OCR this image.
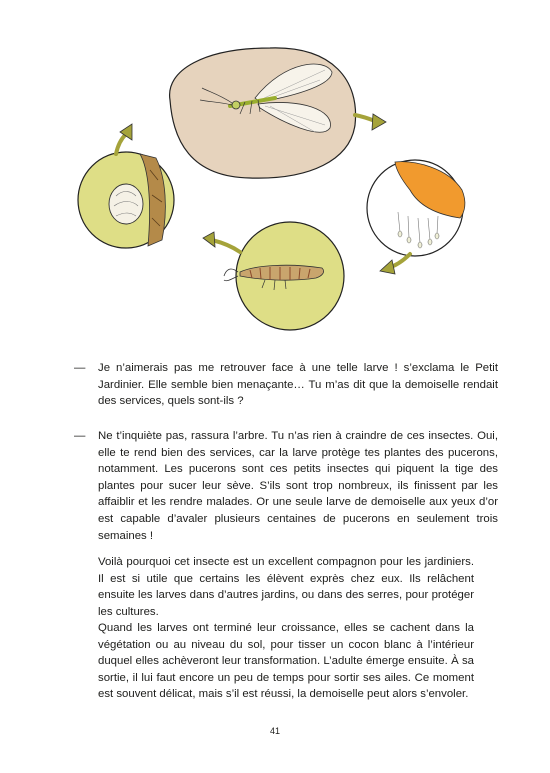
— Je n’aimerais pas me retrouver face à une telle larve ! s’exclama le Petit Jardinier. Elle semble bien menaçante… Tu m’as dit que la demoiselle rendait des services, quels sont-ils ?

— Ne t’inquiète pas, rassura l’arbre. Tu n’as rien à craindre de ces insectes. Oui, elle te rend bien des services, car la larve protège tes plantes des pucerons, notamment. Les pucerons sont ces petits insectes qui piquent la tige des plantes pour sucer leur sève. S’ils sont trop nombreux, ils finissent par les affaiblir et les rendre malades. Or une seule larve de demoiselle aux yeux d’or est capable d’avaler plusieurs centaines de pucerons en seulement trois semaines !

Voilà pourquoi cet insecte est un excellent compagnon pour les jardiniers. Il est si utile que certains les élèvent exprès chez eux. Ils relâchent ensuite les larves dans d’autres jardins, ou dans des serres, pour protéger les cultures.

Quand les larves ont terminé leur croissance, elles se cachent dans la végétation ou au niveau du sol, pour tisser un cocon blanc à l’intérieur duquel elles achèveront leur transformation. L’adulte émerge ensuite. À sa sortie, il lui faut encore un peu de temps pour sortir ses ailes. Ce moment est souvent délicat, mais s’il est réussi, la demoiselle peut alors s’envoler.

41
